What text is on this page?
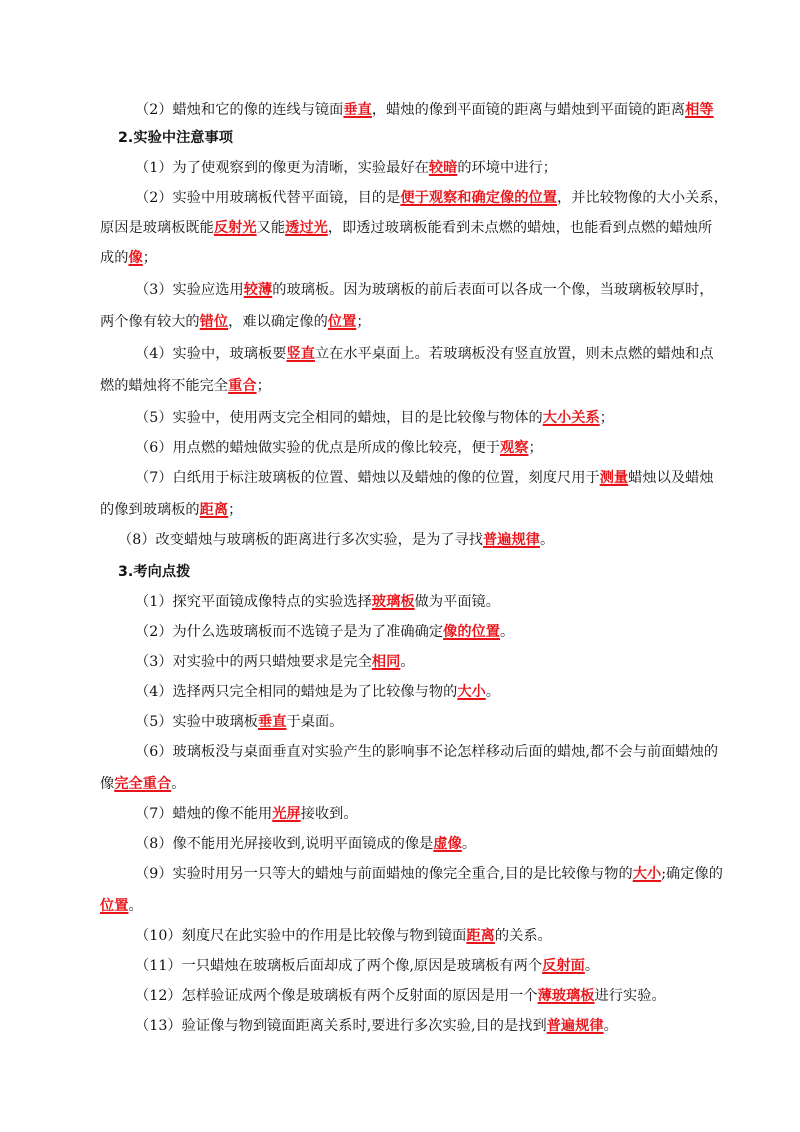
（2）蜡烛和它的像的连线与镜面垂直，蜡烛的像到平面镜的距离与蜡烛到平面镜的距离相等
2.实验中注意事项
（1）为了使观察到的像更为清晰，实验最好在较暗的环境中进行；
（2）实验中用玻璃板代替平面镜，目的是便于观察和确定像的位置，并比较物像的大小关系，
原因是玻璃板既能反射光又能透过光，即透过玻璃板能看到未点燃的蜡烛，也能看到点燃的蜡烛所
成的像；
（3）实验应选用较薄的玻璃板。因为玻璃板的前后表面可以各成一个像，当玻璃板较厚时，
两个像有较大的错位，难以确定像的位置；
（4）实验中，玻璃板要竖直立在水平桌面上。若玻璃板没有竖直放置，则未点燃的蜡烛和点
燃的蜡烛将不能完全重合；
（5）实验中，使用两支完全相同的蜡烛，目的是比较像与物体的大小关系；
（6）用点燃的蜡烛做实验的优点是所成的像比较亮，便于观察；
（7）白纸用于标注玻璃板的位置、蜡烛以及蜡烛的像的位置，刻度尺用于测量蜡烛以及蜡烛
的像到玻璃板的距离；
（8）改变蜡烛与玻璃板的距离进行多次实验，是为了寻找普遍规律。
3.考向点拨
（1）探究平面镜成像特点的实验选择玻璃板做为平面镜。
（2）为什么选玻璃板而不选镜子是为了准确确定像的位置。
（3）对实验中的两只蜡烛要求是完全相同。
（4）选择两只完全相同的蜡烛是为了比较像与物的大小。
（5）实验中玻璃板垂直于桌面。
（6）玻璃板没与桌面垂直对实验产生的影响事不论怎样移动后面的蜡烛,都不会与前面蜡烛的
像完全重合。
（7）蜡烛的像不能用光屏接收到。
（8）像不能用光屏接收到,说明平面镜成的像是虚像。
（9）实验时用另一只等大的蜡烛与前面蜡烛的像完全重合,目的是比较像与物的大小;确定像的
位置。
（10）刻度尺在此实验中的作用是比较像与物到镜面距离的关系。
（11）一只蜡烛在玻璃板后面却成了两个像,原因是玻璃板有两个反射面。
（12）怎样验证成两个像是玻璃板有两个反射面的原因是用一个薄玻璃板进行实验。
（13）验证像与物到镜面距离关系时,要进行多次实验,目的是找到普遍规律。
